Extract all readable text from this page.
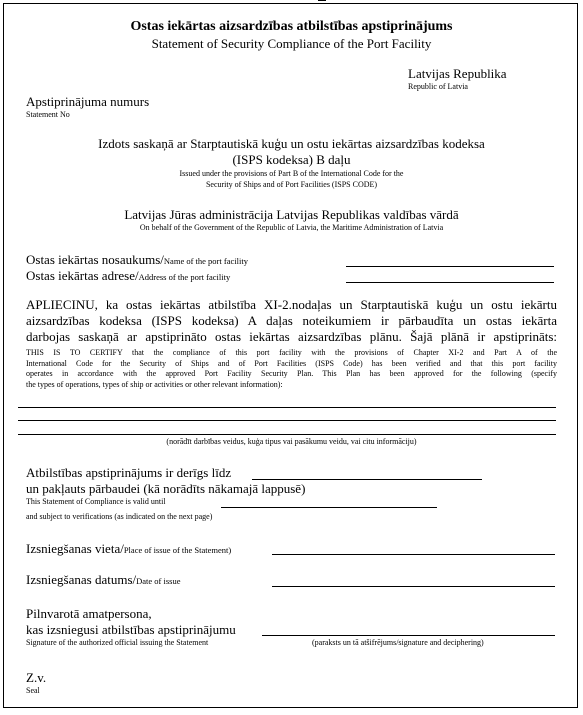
Ostas iekārtas aizsardzības atbilstības apstiprinājums
Statement of Security Compliance of the Port Facility
Latvijas Republika
Republic of Latvia
Apstiprinājuma numurs
Statement No
Izdots saskaņā ar Starptautiskā kuģu un ostu iekārtas aizsardzības kodeksa
(ISPS kodeksa) B daļu
Issued under the provisions of Part B of the International Code for the
Security of Ships and of Port Facilities (ISPS CODE)
Latvijas Jūras administrācija Latvijas Republikas valdības vārdā
On behalf of the Government of the Republic of Latvia, the Maritime Administration of Latvia
Ostas iekārtas nosaukums/Name of the port facility
Ostas iekārtas adrese/Address of the port facility
APLIECINU, ka ostas iekārtas atbilstība XI-2.nodaļas un Starptautiskā kuģu un ostu iekārtu
aizsardzības kodeksa (ISPS kodeksa) A daļas noteikumiem ir pārbaudīta un ostas iekārta
darbojas saskaņā ar apstiprināto ostas iekārtas aizsardzības plānu. Šajā plānā ir apstiprināts:
THIS IS TO CERTIFY that the compliance of this port facility with the provisions of Chapter XI-2 and Part A of the
International Code for the Security of Ships and of Port Facilities (ISPS Code) has been verified and that this port facility
operates in accordance with the approved Port Facility Security Plan. This Plan has been approved for the following (specify
the types of operations, types of ship or activities or other relevant information):
(norādīt darbības veidus, kuģa tipus vai pasākumu veidu, vai citu informāciju)
Atbilstības apstiprinājums ir derīgs līdz
un pakļauts pārbaudei (kā norādīts nākamajā lappusē)
This Statement of Compliance is valid until
and subject to verifications (as indicated on the next page)
Izsniegšanas vieta/Place of issue of the Statement)
Izsniegšanas datums/Date of issue
Pilnvarotā amatpersona,
kas izsniegusi atbilstības apstiprinājumu
Signature of the authorized official issuing the Statement	(paraksts un tā atšifrējums/signature and deciphering)
Z.v.
Seal
